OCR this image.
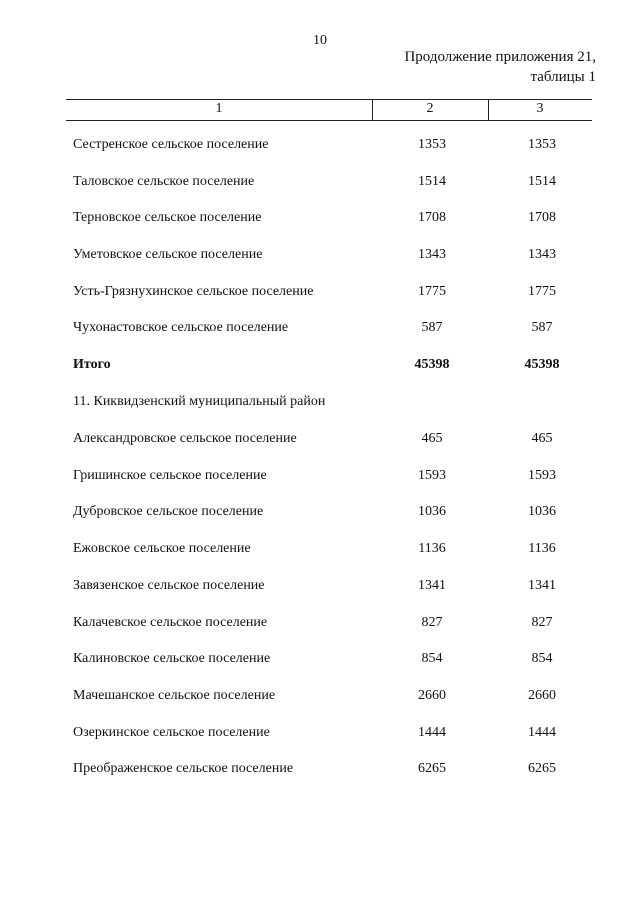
10
Продолжение приложения 21,
таблицы 1
1	2	3
Сестренское сельское поселение	1353	1353
Таловское сельское поселение	1514	1514
Терновское сельское поселение	1708	1708
Уметовское сельское поселение	1343	1343
Усть-Грязнухинское сельское поселение	1775	1775
Чухонастовское сельское поселение	587	587
Итого	45398	45398
11. Киквидзенский муниципальный район
Александровское сельское поселение	465	465
Гришинское сельское поселение	1593	1593
Дубровское сельское поселение	1036	1036
Ежовское сельское поселение	1136	1136
Завязенское сельское поселение	1341	1341
Калачевское сельское поселение	827	827
Калиновское сельское поселение	854	854
Мачешанское сельское поселение	2660	2660
Озеркинское сельское поселение	1444	1444
Преображенское сельское поселение	6265	6265
